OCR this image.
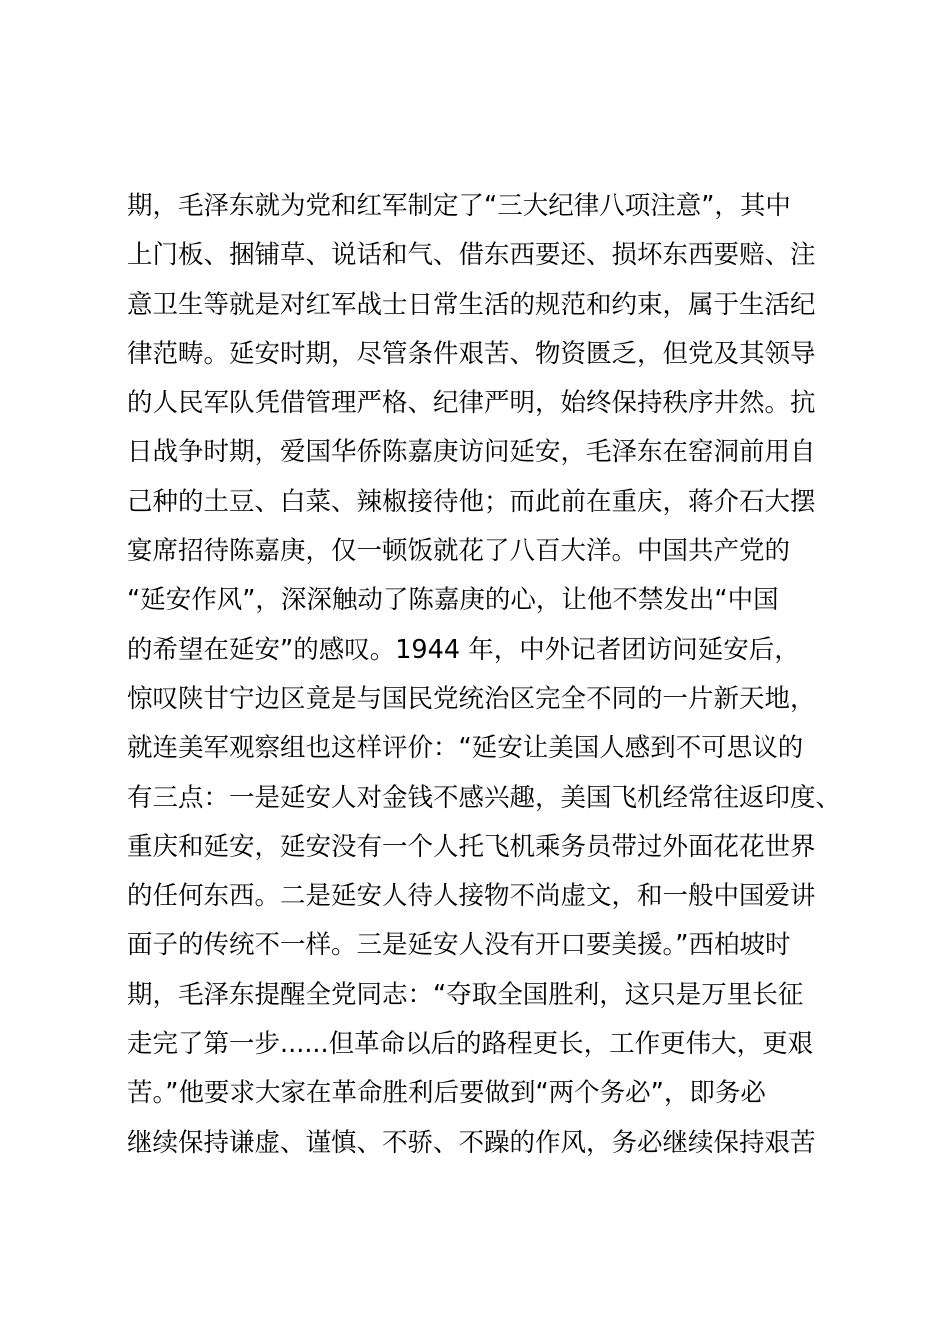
期，毛泽东就为党和红军制定了“三大纪律八项注意”，其中
上门板、捆铺草、说话和气、借东西要还、损坏东西要赔、注
意卫生等就是对红军战士日常生活的规范和约束，属于生活纪
律范畴。延安时期，尽管条件艰苦、物资匮乏，但党及其领导
的人民军队凭借管理严格、纪律严明，始终保持秩序井然。抗
日战争时期，爱国华侨陈嘉庚访问延安，毛泽东在窑洞前用自
己种的土豆、白菜、辣椒接待他；而此前在重庆，蒋介石大摆
宴席招待陈嘉庚，仅一顿饭就花了八百大洋。中国共产党的
“延安作风”，深深触动了陈嘉庚的心，让他不禁发出“中国
的希望在延安”的感叹。1944 年，中外记者团访问延安后，
惊叹陕甘宁边区竟是与国民党统治区完全不同的一片新天地，
就连美军观察组也这样评价：“延安让美国人感到不可思议的
有三点：一是延安人对金钱不感兴趣，美国飞机经常往返印度、
重庆和延安，延安没有一个人托飞机乘务员带过外面花花世界
的任何东西。二是延安人待人接物不尚虚文，和一般中国爱讲
面子的传统不一样。三是延安人没有开口要美援。”西柏坡时
期，毛泽东提醒全党同志：“夺取全国胜利，这只是万里长征
走完了第一步......但革命以后的路程更长，工作更伟大，更艰
苦。”他要求大家在革命胜利后要做到“两个务必”，即务必
继续保持谦虚、谨慎、不骄、不躁的作风，务必继续保持艰苦
